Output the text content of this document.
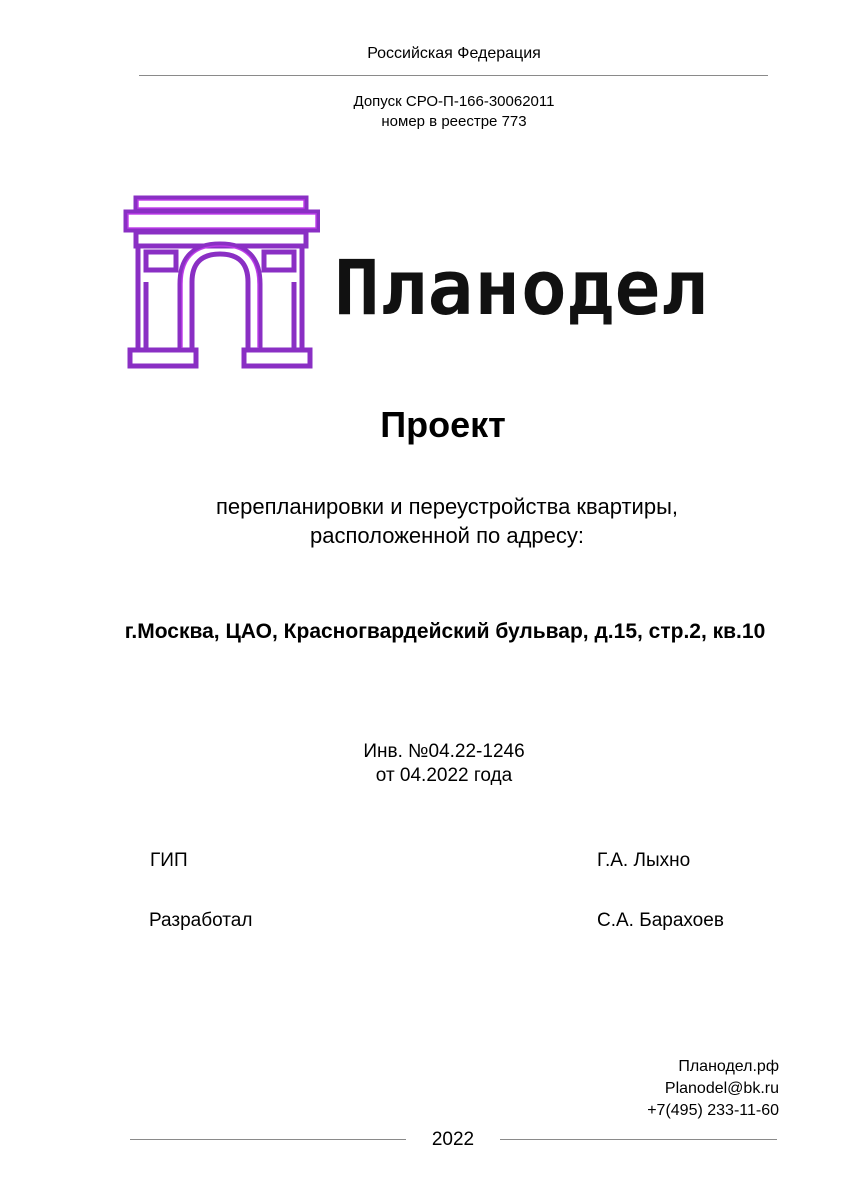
Российская Федерация
Допуск СРО-П-166-30062011
номер в реестре 773
Планодел
Проект
перепланировки и переустройства квартиры,
расположенной по адресу:
г.Москва, ЦАО, Красногвардейский бульвар, д.15, стр.2, кв.10
Инв. №04.22-1246
от 04.2022 года
ГИП	Г.А. Лыхно
Разработал	С.А. Барахоев
Планодел.рф
Planodel@bk.ru
+7(495) 233-11-60
2022
